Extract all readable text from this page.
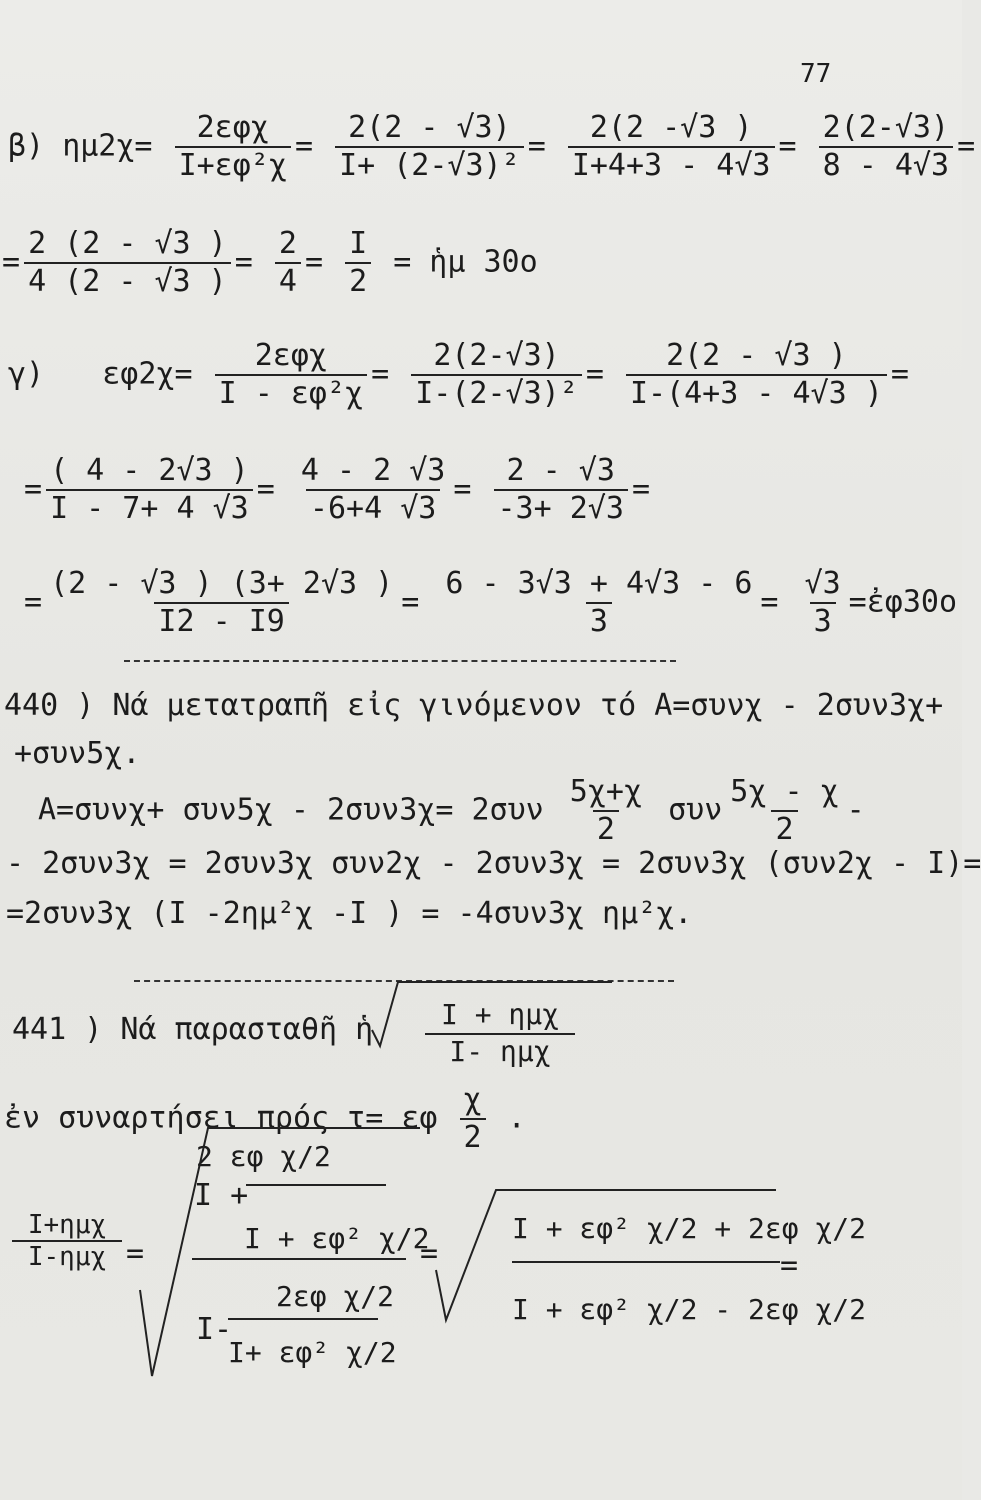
77
β) $\eta\mu 2\chi= \frac{\text{2εφχ}}{\text{I+εφ²χ}} = \frac{2(2 - √3)}{\text{I+ (2-√3)²}} = \frac{2(2 -√3 )}{I+4+3 - 4√3} = \frac{2(2-√3)}{8 - 4√3}$ =
= $\frac{2 (2 - √3 )}{4 (2 - √3 )} = \frac{2}{4} = \frac{I}{2}$ = ἡμ 30ο
γ) $\varepsilon\varphi 2\chi= \frac{\text{2εφχ}}{\text{I - εφ²χ}} = \frac{2(2-√3)}{\text{I-(2-√3)²}} = \frac{2(2 - √3 )}{I-(4+3 - 4√3 )}$ =
= $\frac{( 4 - 2√3 )}{I - 7+ 4 √3} = \frac{4 - 2 √3}{-6+4 √3} = \frac{2 - √3}{-3+ 2√3}$ =
= $\frac{(2 - √3 ) (3+ 2√3 )}{I2 - I9} = \frac{6 - 3√3 + 4√3 - 6}{3} = \frac{√3}{3}$ =ἐφ30ο
440 ) Νά μετατραπῆ εἰς γινόμενον τό Α=συνχ - 2συν3χ+
+συν5χ.
$A=\sigma\upsilon\nu\chi+ \sigma\upsilon\nu 5\chi - 2\sigma\upsilon\nu 3\chi= 2\sigma\upsilon\nu \frac{5\chi+\chi}{2}$ συν $\frac{5\chi - \chi}{2}$ -
- 2συν3χ = 2συν3χ συν2χ - 2συν3χ = 2συν3χ (συν2χ - I)=
=2συν3χ (I -2ημ²χ -I ) = -4συν3χ ημ²χ.
441 ) Νά παρασταθῆ ἡ	I + ημχ
I- ημχ
ἐν συναρτήσει πρός τ= εφ $\frac{\chi}{2}$ .
I+ημχ
I-ημχ =
2 εφ χ/2
I +
I + εφ² χ/2
2εφ χ/2
I-
I+ εφ² χ/2
=	$\frac{\text{I + εφ² χ/2 + 2εφ χ/2}}{\text{I + εφ² χ/2 - 2εφ χ/2}}$ =
